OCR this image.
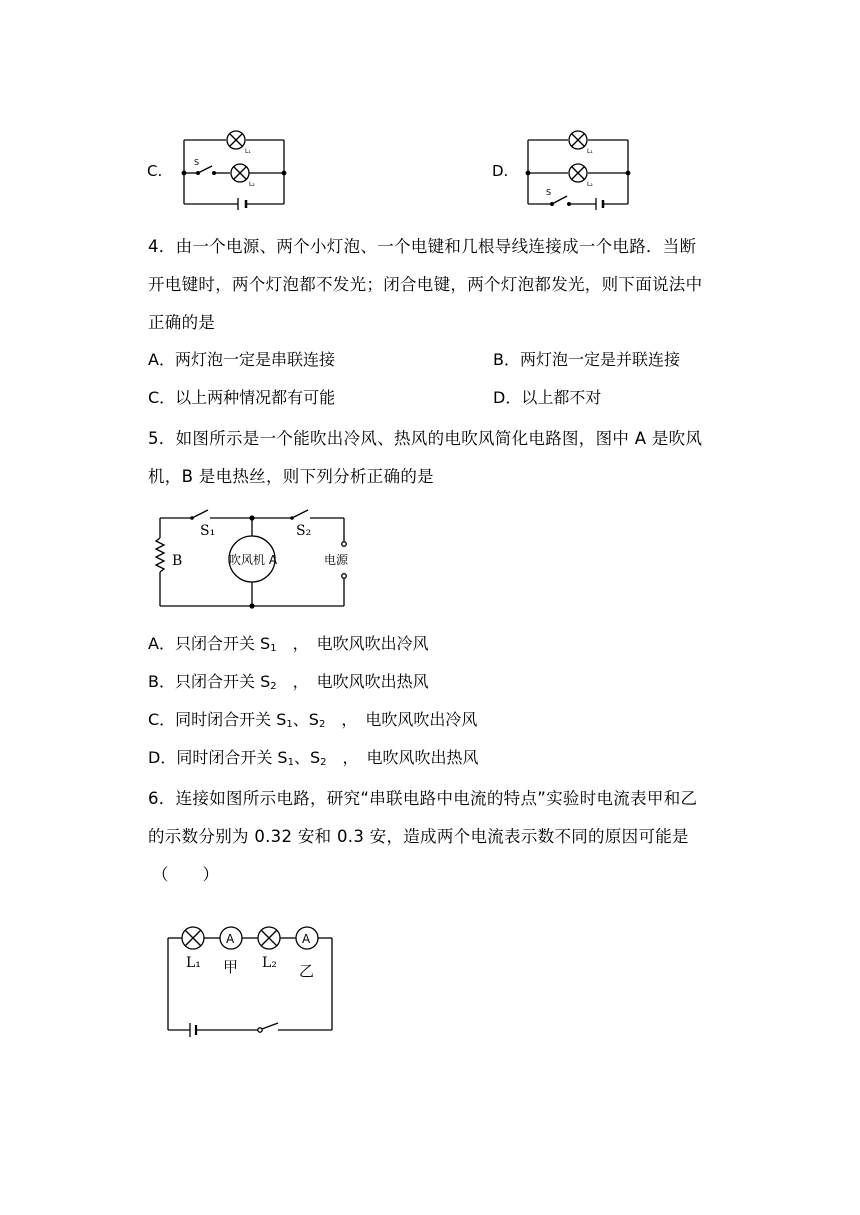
C.	S
L₁
L₂
D.
S
L₁
L₂
4．由一个电源、两个小灯泡、一个电键和几根导线连接成一个电路．当断
开电键时，两个灯泡都不发光；闭合电键，两个灯泡都发光，则下面说法中
正确的是
A．两灯泡一定是串联连接	B．两灯泡一定是并联连接
C．以上两种情况都有可能	D．以上都不对
5．如图所示是一个能吹出冷风、热风的电吹风简化电路图，图中 A 是吹风
机，B 是电热丝，则下列分析正确的是
S₁	S₂
B	吹风机 A	电源
A．只闭合开关 $S_1$　，　电吹风吹出冷风
B．只闭合开关 $S_2$　，　电吹风吹出热风
C．同时闭合开关 $S_1$、$S_2$　，　电吹风吹出冷风
D．同时闭合开关 $S_1$、$S_2$　，　电吹风吹出热风
6．连接如图所示电路，研究“串联电路中电流的特点”实验时电流表甲和乙
的示数分别为 0.32 安和 0.3 安，造成两个电流表示数不同的原因可能是
（　　）
A	A
L₁ 甲 L₂ 乙
